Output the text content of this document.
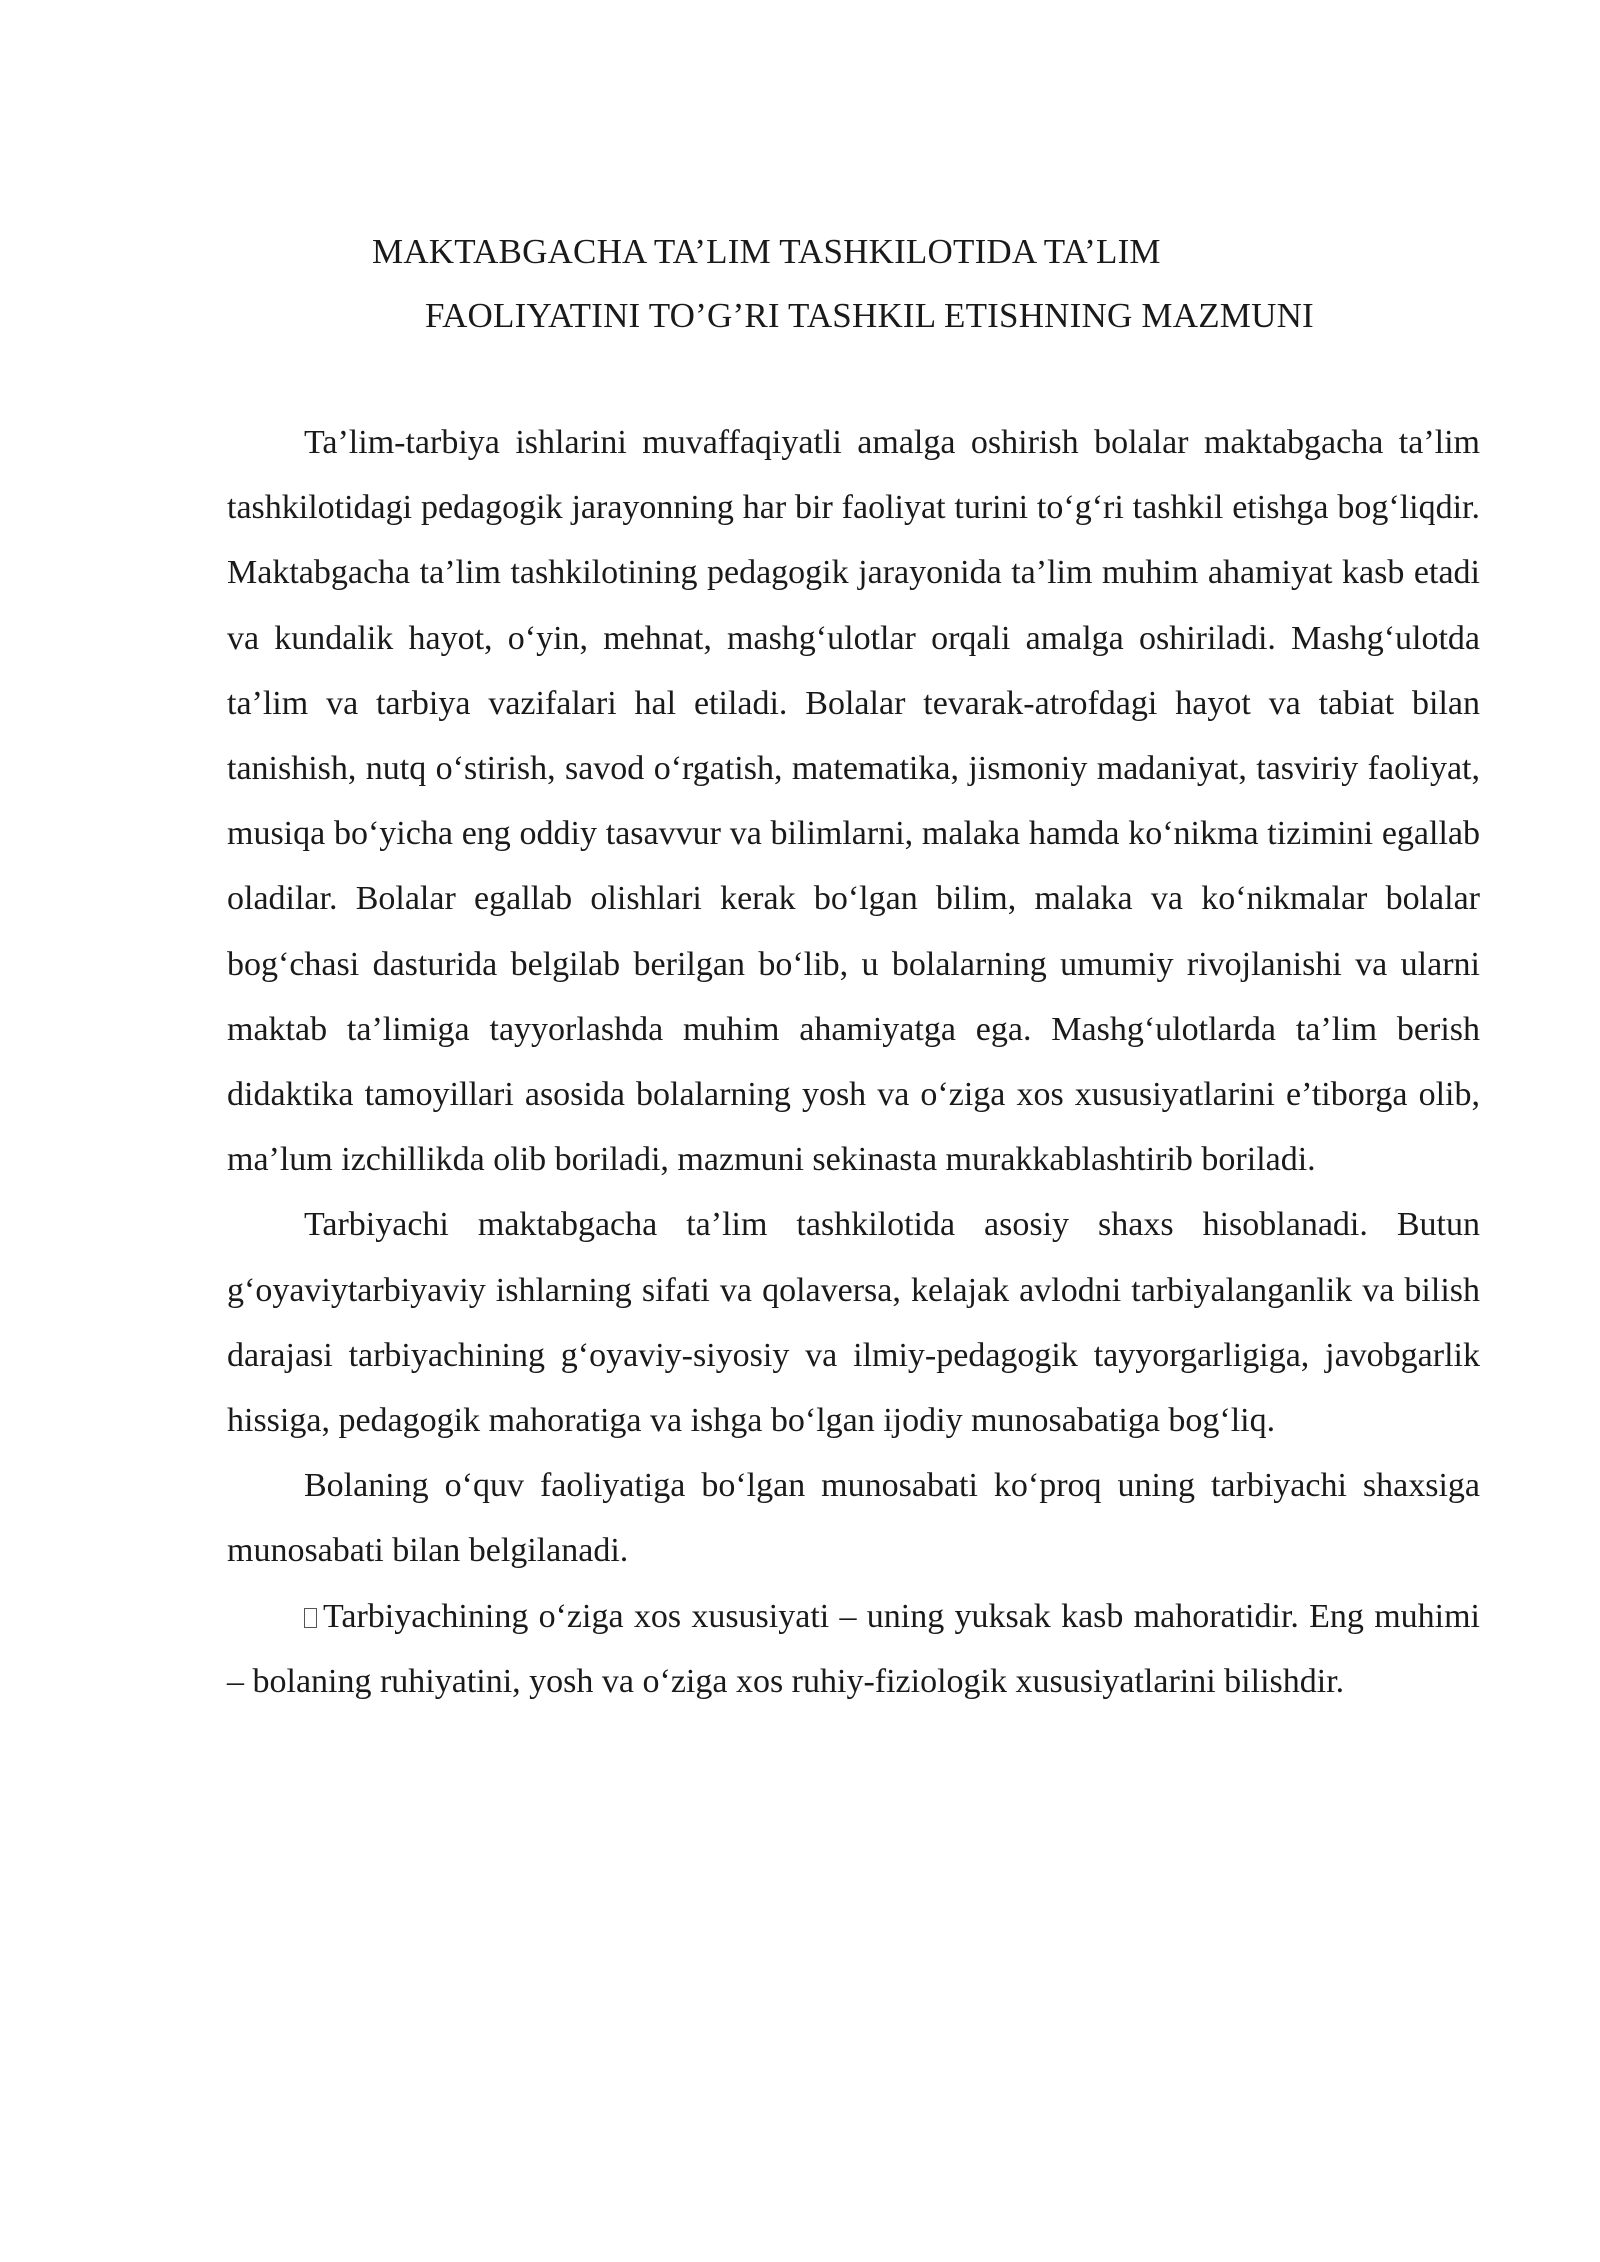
MAKTABGACHA TA’LIM TASHKILOTIDA TA’LIM
FAOLIYATINI TO’G’RI TASHKIL ETISHNING MAZMUNI

Ta’lim-tarbiya ishlarini muvaffaqiyatli amalga oshirish bolalar maktabgacha ta’lim tashkilotidagi pedagogik jarayonning har bir faoliyat turini to‘g‘ri tashkil etishga bog‘liqdir. Maktabgacha ta’lim tashkilotining pedagogik jarayonida ta’lim muhim ahamiyat kasb etadi va kundalik hayot, o‘yin, mehnat, mashg‘ulotlar orqali amalga oshiriladi. Mashg‘ulotda ta’lim va tarbiya vazifalari hal etiladi. Bolalar tevarak-atrofdagi hayot va tabiat bilan tanishish, nutq o‘stirish, savod o‘rgatish, matematika, jismoniy madaniyat, tasviriy faoliyat, musiqa bo‘yicha eng oddiy tasavvur va bilimlarni, malaka hamda ko‘nikma tizimini egallab oladilar. Bolalar egallab olishlari kerak bo‘lgan bilim, malaka va ko‘nikmalar bolalar bog‘chasi dasturida belgilab berilgan bo‘lib, u bolalarning umumiy rivojlanishi va ularni maktab ta’limiga tayyorlashda muhim ahamiyatga ega. Mashg‘ulotlarda ta’lim berish didaktika tamoyillari asosida bolalarning yosh va o‘ziga xos xususiyatlarini e’tiborga olib, ma’lum izchillikda olib boriladi, mazmuni sekinasta murakkablashtirib boriladi.

Tarbiyachi maktabgacha ta’lim tashkilotida asosiy shaxs hisoblanadi. Butun g‘oyaviytarbiyaviy ishlarning sifati va qolaversa, kelajak avlodni tarbiyalanganlik va bilish darajasi tarbiyachining g‘oyaviy-siyosiy va ilmiy-pedagogik tayyorgarligiga, javobgarlik hissiga, pedagogik mahoratiga va ishga bo‘lgan ijodiy munosabatiga bog‘liq.

Bolaning o‘quv faoliyatiga bo‘lgan munosabati ko‘proq uning tarbiyachi shaxsiga munosabati bilan belgilanadi.

Tarbiyachining o‘ziga xos xususiyati – uning yuksak kasb mahoratidir. Eng muhimi – bolaning ruhiyatini, yosh va o‘ziga xos ruhiy-fiziologik xususiyatlarini bilishdir.
